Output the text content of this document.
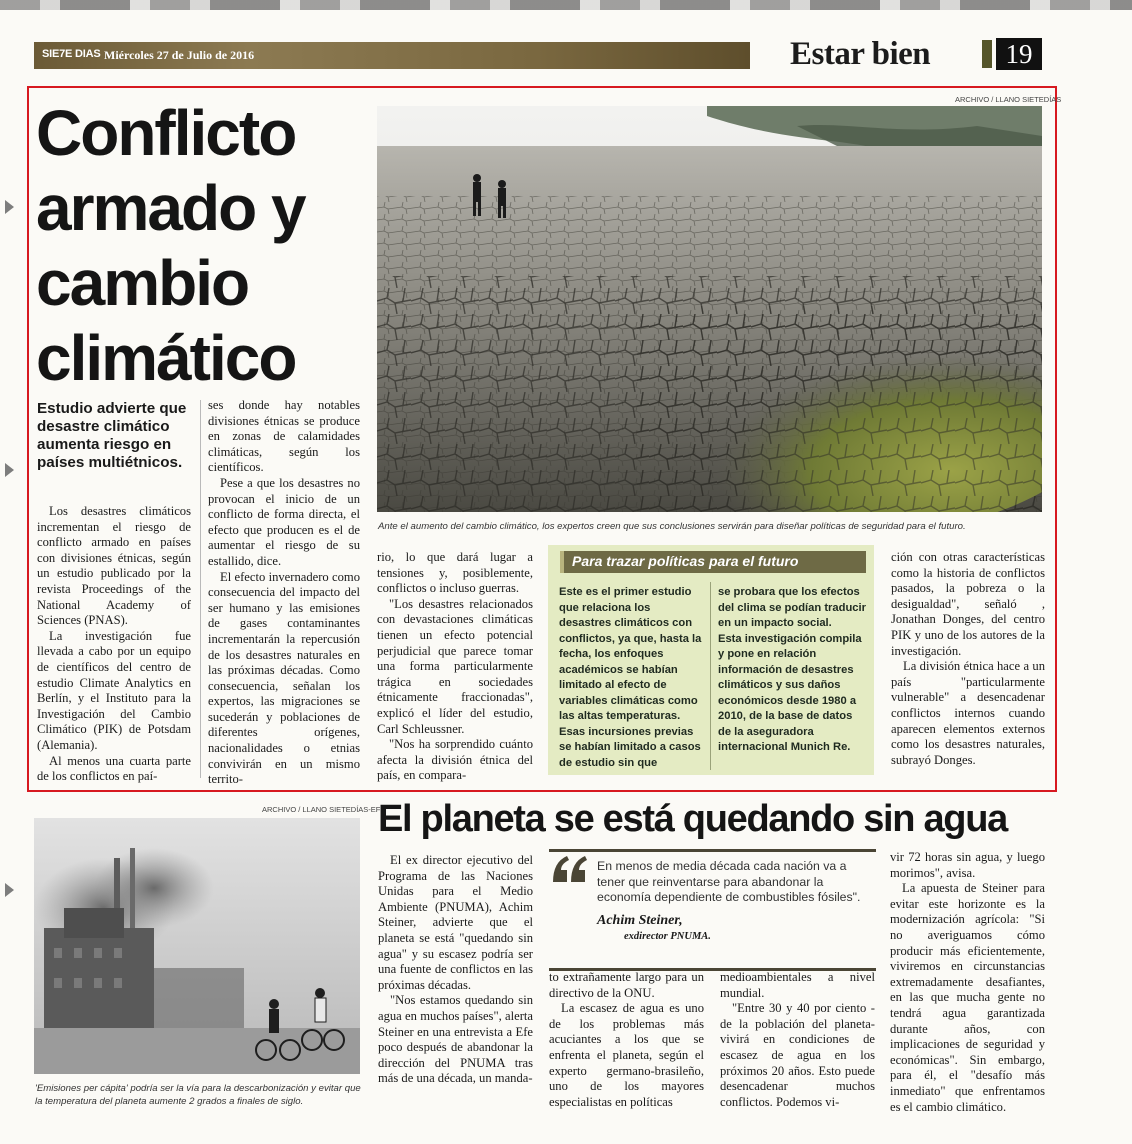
SIE7E DIAS Miércoles 27 de Julio de 2016	Estar bien	19
Conflicto armado y cambio climático
Estudio advierte que desastre climático aumenta riesgo en países multiétnicos.
ARCHIVO / LLANO SIETEDÍAS
Ante el aumento del cambio climático, los expertos creen que sus conclusiones servirán para diseñar políticas de seguridad para el futuro.

Los desastres climáticos incrementan el riesgo de conflicto armado en países con divisiones étnicas, según un estudio publicado por la revista Proceedings of the National Academy of Sciences (PNAS).

La investigación fue llevada a cabo por un equipo de científicos del centro de estudio Climate Analytics en Berlín, y el Instituto para la Investigación del Cambio Climático (PIK) de Potsdam (Alemania).

Al menos una cuarta parte de los conflictos en paí-

ses donde hay notables divisiones étnicas se produce en zonas de calamidades climáticas, según los científicos.

Pese a que los desastres no provocan el inicio de un conflicto de forma directa, el efecto que producen es el de aumentar el riesgo de su estallido, dice.

El efecto invernadero como consecuencia del impacto del ser humano y las emisiones de gases contaminantes incrementarán la repercusión de los desastres naturales en las próximas décadas. Como consecuencia, señalan los expertos, las migraciones se sucederán y poblaciones de diferentes orígenes, nacionalidades o etnias convivirán en un mismo territo-

rio, lo que dará lugar a tensiones y, posiblemente, conflictos o incluso guerras.

"Los desastres relacionados con devastaciones climáticas tienen un efecto potencial perjudicial que parece tomar una forma particularmente trágica en sociedades étnicamente fraccionadas", explicó el líder del estudio, Carl Schleussner.

"Nos ha sorprendido cuánto afecta la división étnica del país, en compara-

Para trazar políticas para el futuro
Este es el primer estudio que relaciona los desastres climáticos con conflictos, ya que, hasta la fecha, los enfoques académicos se habían limitado al efecto de variables climáticas como las altas temperaturas. Esas incursiones previas se habían limitado a casos de estudio sin que
se probara que los efectos del clima se podían traducir en un impacto social.
Esta investigación compila y pone en relación información de desastres climáticos y sus daños económicos desde 1980 a 2010, de la base de datos de la aseguradora internacional Munich Re.

ción con otras características como la historia de conflictos pasados, la pobreza o la desigualdad", señaló , Jonathan Donges, del centro PIK y uno de los autores de la investigación.

La división étnica hace a un país "particularmente vulnerable" a desencadenar conflictos internos cuando aparecen elementos externos como los desastres naturales, subrayó Donges.

ARCHIVO / LLANO SIETEDÍAS-EFE
'Emisiones per cápita' podría ser la vía para la descarbonización y evitar que la temperatura del planeta aumente 2 grados a finales de siglo.
El planeta se está quedando sin agua

El ex director ejecutivo del Programa de las Naciones Unidas para el Medio Ambiente (PNUMA), Achim Steiner, advierte que el planeta se está "quedando sin agua" y su escasez podría ser una fuente de conflictos en las próximas décadas.

"Nos estamos quedando sin agua en muchos países", alerta Steiner en una entrevista a Efe poco después de abandonar la dirección del PNUMA tras más de una década, un manda-

En menos de media década cada nación va a tener que reinventarse para abandonar la economía dependiente de combustibles fósiles".
Achim Steiner,
exdirector PNUMA.

to extrañamente largo para un directivo de la ONU.

La escasez de agua es uno de los problemas más acuciantes a los que se enfrenta el planeta, según el experto germano-brasileño, uno de los mayores especialistas en políticas

medioambientales a nivel mundial.

"Entre 30 y 40 por ciento -de la población del planeta- vivirá en condiciones de escasez de agua en los próximos 20 años. Esto puede desencadenar muchos conflictos. Podemos vi-

vir 72 horas sin agua, y luego morimos", avisa.

La apuesta de Steiner para evitar este horizonte es la modernización agrícola: "Si no averiguamos cómo producir más eficientemente, viviremos en circunstancias extremadamente desafiantes, en las que mucha gente no tendrá agua garantizada durante años, con implicaciones de seguridad y económicas". Sin embargo, para él, el "desafío más inmediato" que enfrentamos es el cambio climático.
